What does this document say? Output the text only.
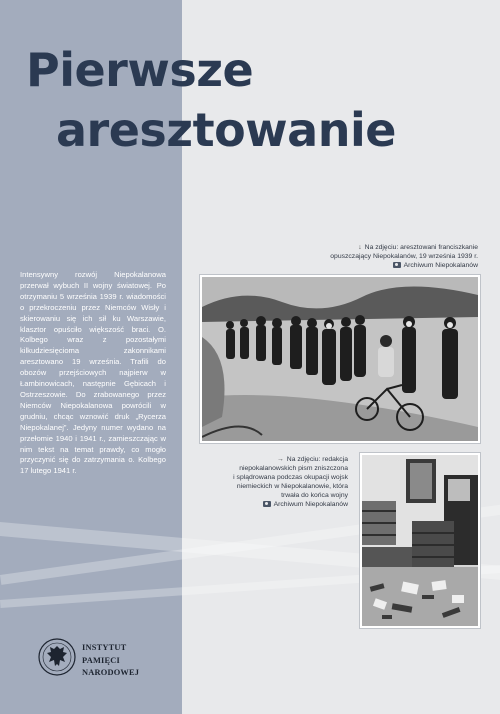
Pierwsze
aresztowanie

Intensywny rozwój Niepokalanowa przerwał wybuch II wojny światowej. Po otrzymaniu 5 września 1939 r. wiadomości o przekroczeniu przez Niemców Wisły i skierowaniu się ich sił ku Warszawie, klasztor opuściło większość braci. O. Kolbego wraz z pozostałymi kilkudziesięcioma zakonnikami aresztowano 19 września. Trafili do obozów przejściowych najpierw w Łambinowicach, następnie Gębicach i Ostrzeszowie. Do zrabowanego przez Niemców Niepokalanowa powrócili w grudniu, chcąc wznowić druk „Rycerza Niepokalanej”. Jedyny numer wydano na przełomie 1940 i 1941 r., zamieszczając w nim tekst na temat prawdy, co mogło przyczynić się do zatrzymania o. Kolbego 17 lutego 1941 r.

↓ Na zdjęciu: aresztowani franciszkanie
opuszczający Niepokalanów, 19 września 1939 r.
Archiwum Niepokalanów
→ Na zdjęciu: redakcja
niepokalanowskich pism zniszczona
i splądrowana podczas okupacji wojsk
niemieckich w Niepokalanowie, która
trwała do końca wojny
Archiwum Niepokalanów
INSTYTUT
PAMIĘCI
NARODOWEJ
